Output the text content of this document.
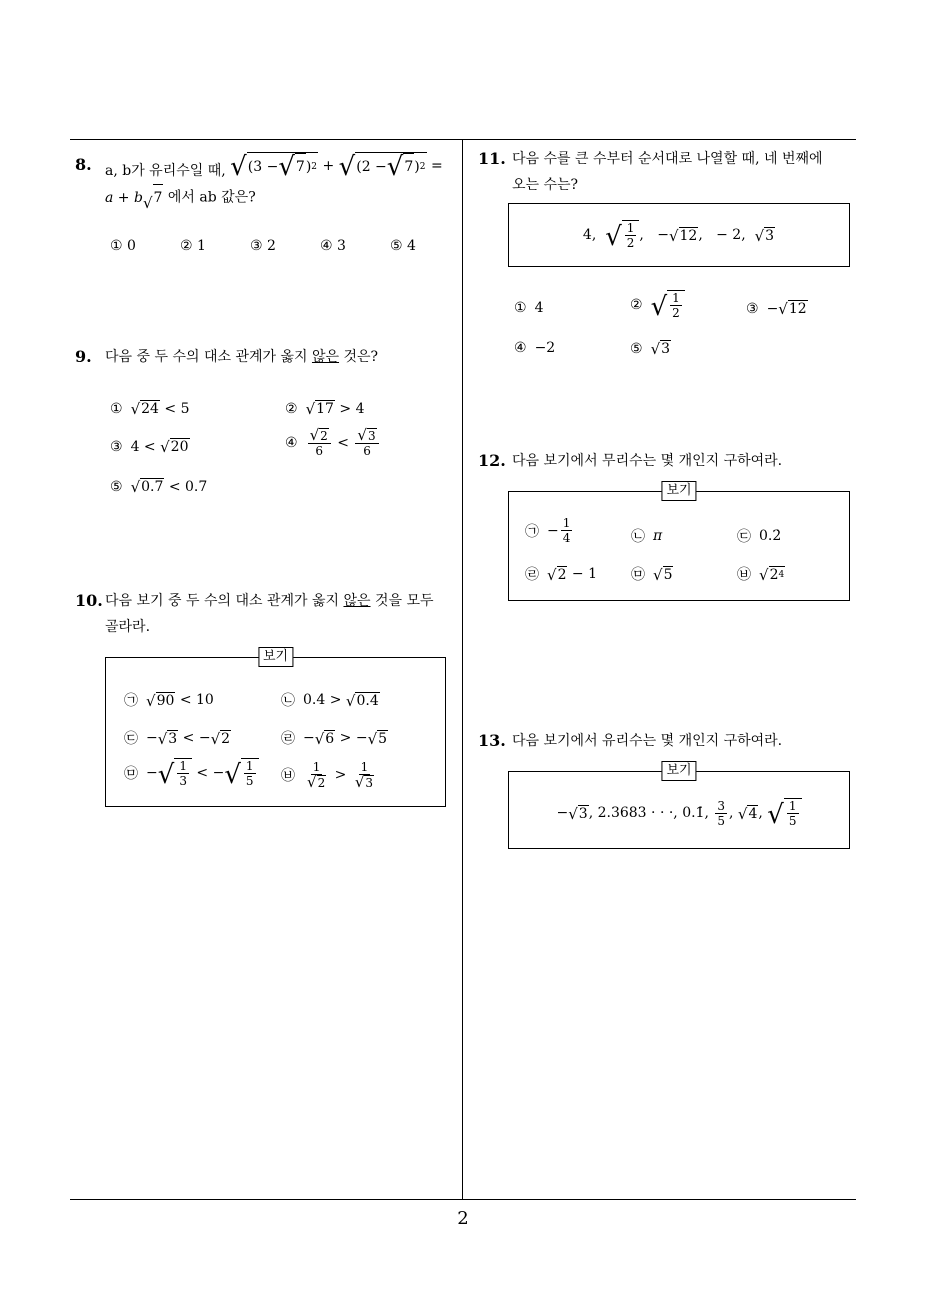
8. a, b가 유리수일 때, √ (3 − √ 7 ) 2 + √ (2 − √ 7 ) 2 =
a + b √ 7 에서 ab 값은?
① 0	② 1	③ 2	④ 3	⑤ 4
9. 다음 중 두 수의 대소 관계가 옳지 않은 것은?
① √ 24 < 5	② √ 17 > 4
③ 4 < √ 20	④ $\frac{√ 2}{6} < \frac{√ 3}{6}$
⑤ √ 0.7 < 0.7
10. 다음 보기 중 두 수의 대소 관계가 옳지 않은 것을 모두
골라라.
보기
㉠ √ 90 < 10	㉡ 0.4 > √ 0.4
㉢ − √ 3 < − √ 2	㉣ − √ 6 > − √ 5
㉤ − √ $\frac{1}{3}$ < − √ $\frac{1}{5}$ ㉥ $\frac{1}{√ 2} > \frac{1}{√ 3}$
11. 다음 수를 큰 수부터 순서대로 나열할 때, 네 번째에
오는 수는?
4, √ $\frac{1}{2}$ ,   − √ 12 ,   − 2, √ 3
① 4	② √ $\frac{1}{2}$	③ − √ 12
④ −2	⑤ √ 3
12. 다음 보기에서 무리수는 몇 개인지 구하여라.
보기
㉠ − $\frac{1}{4}$	㉡ π	㉢ 0.2̇
㉣ √ 2 − 1 ㉤ √ 5	㉥ √ 2 4
13. 다음 보기에서 유리수는 몇 개인지 구하여라.
보기
− √ 3 , 2.3683 · · ·, 0.1̇, $\frac{3}{5}$ , √ 4 , √ $\frac{1}{5}$
2
